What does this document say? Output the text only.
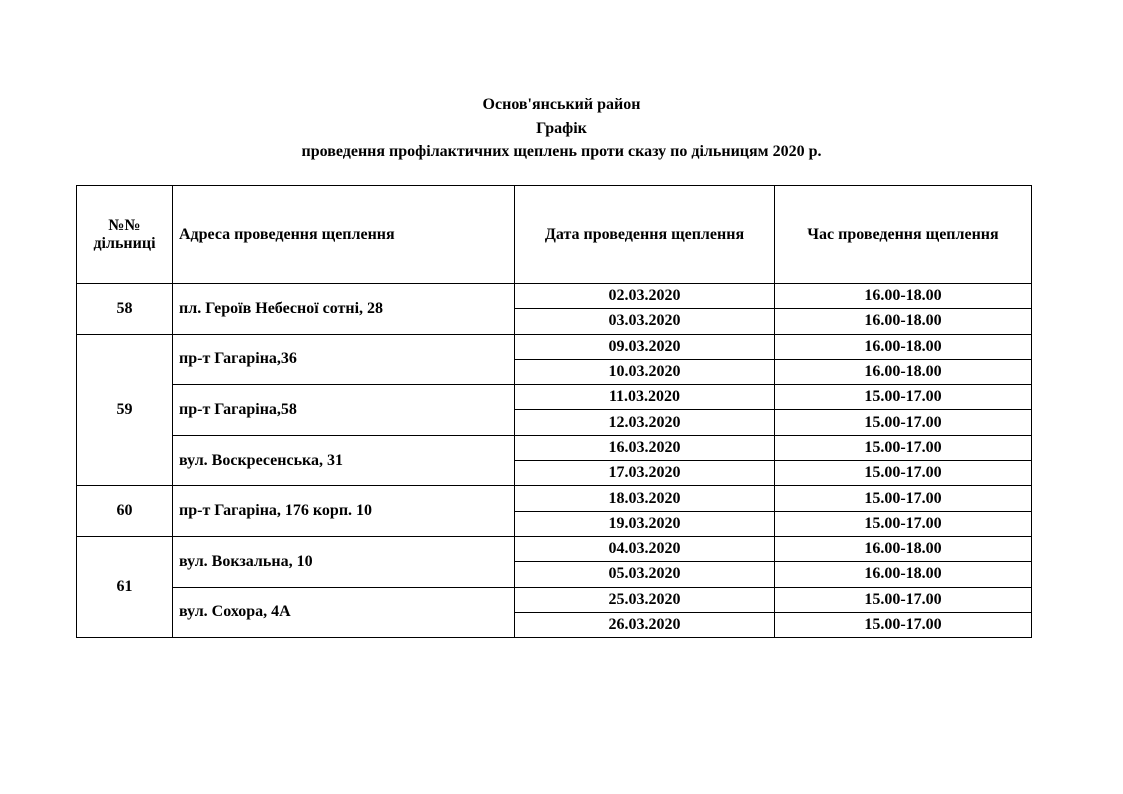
Основ'янський район
Графік
проведення профілактичних щеплень проти сказу по дільницям 2020 р.
№№ дільниці	Адреса проведення щеплення	Дата проведення щеплення	Час проведення щеплення
58	пл. Героїв Небесної сотні, 28	02.03.2020	16.00-18.00
		03.03.2020	16.00-18.00
59	пр-т Гагаріна,36	09.03.2020	16.00-18.00
		10.03.2020	16.00-18.00
	пр-т Гагаріна,58	11.03.2020	15.00-17.00
		12.03.2020	15.00-17.00
	вул. Воскресенська, 31	16.03.2020	15.00-17.00
		17.03.2020	15.00-17.00
60	пр-т Гагаріна, 176 корп. 10	18.03.2020	15.00-17.00
		19.03.2020	15.00-17.00
61	вул. Вокзальна, 10	04.03.2020	16.00-18.00
		05.03.2020	16.00-18.00
	вул. Сохора, 4А	25.03.2020	15.00-17.00
		26.03.2020	15.00-17.00
